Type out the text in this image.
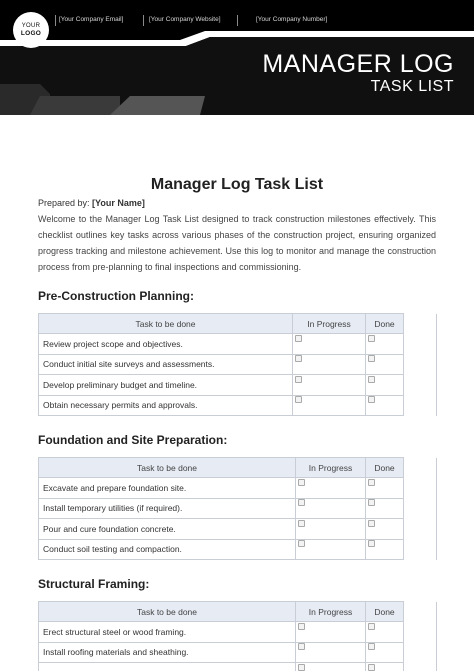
YOUR
LOGO
[Your Company Email]	[Your Company Website]	[Your Company Number]
MANAGER LOG
TASK LIST
Manager Log Task List
Prepared by: [Your Name]
Welcome to the Manager Log Task List designed to track construction milestones effectively. This checklist outlines key tasks across various phases of the construction project, ensuring organized progress tracking and milestone achievement. Use this log to monitor and manage the construction process from pre-planning to final inspections and commissioning.
Pre-Construction Planning:
Task to be done	In Progress	Done	
Review project scope and objectives.			
Conduct initial site surveys and assessments.			
Develop preliminary budget and timeline.			
Obtain necessary permits and approvals.			
Foundation and Site Preparation:
Task to be done	In Progress	Done	
Excavate and prepare foundation site.			
Install temporary utilities (if required).			
Pour and cure foundation concrete.			
Conduct soil testing and compaction.			
Structural Framing:
Task to be done	In Progress	Done	
Erect structural steel or wood framing.			
Install roofing materials and sheathing.			
